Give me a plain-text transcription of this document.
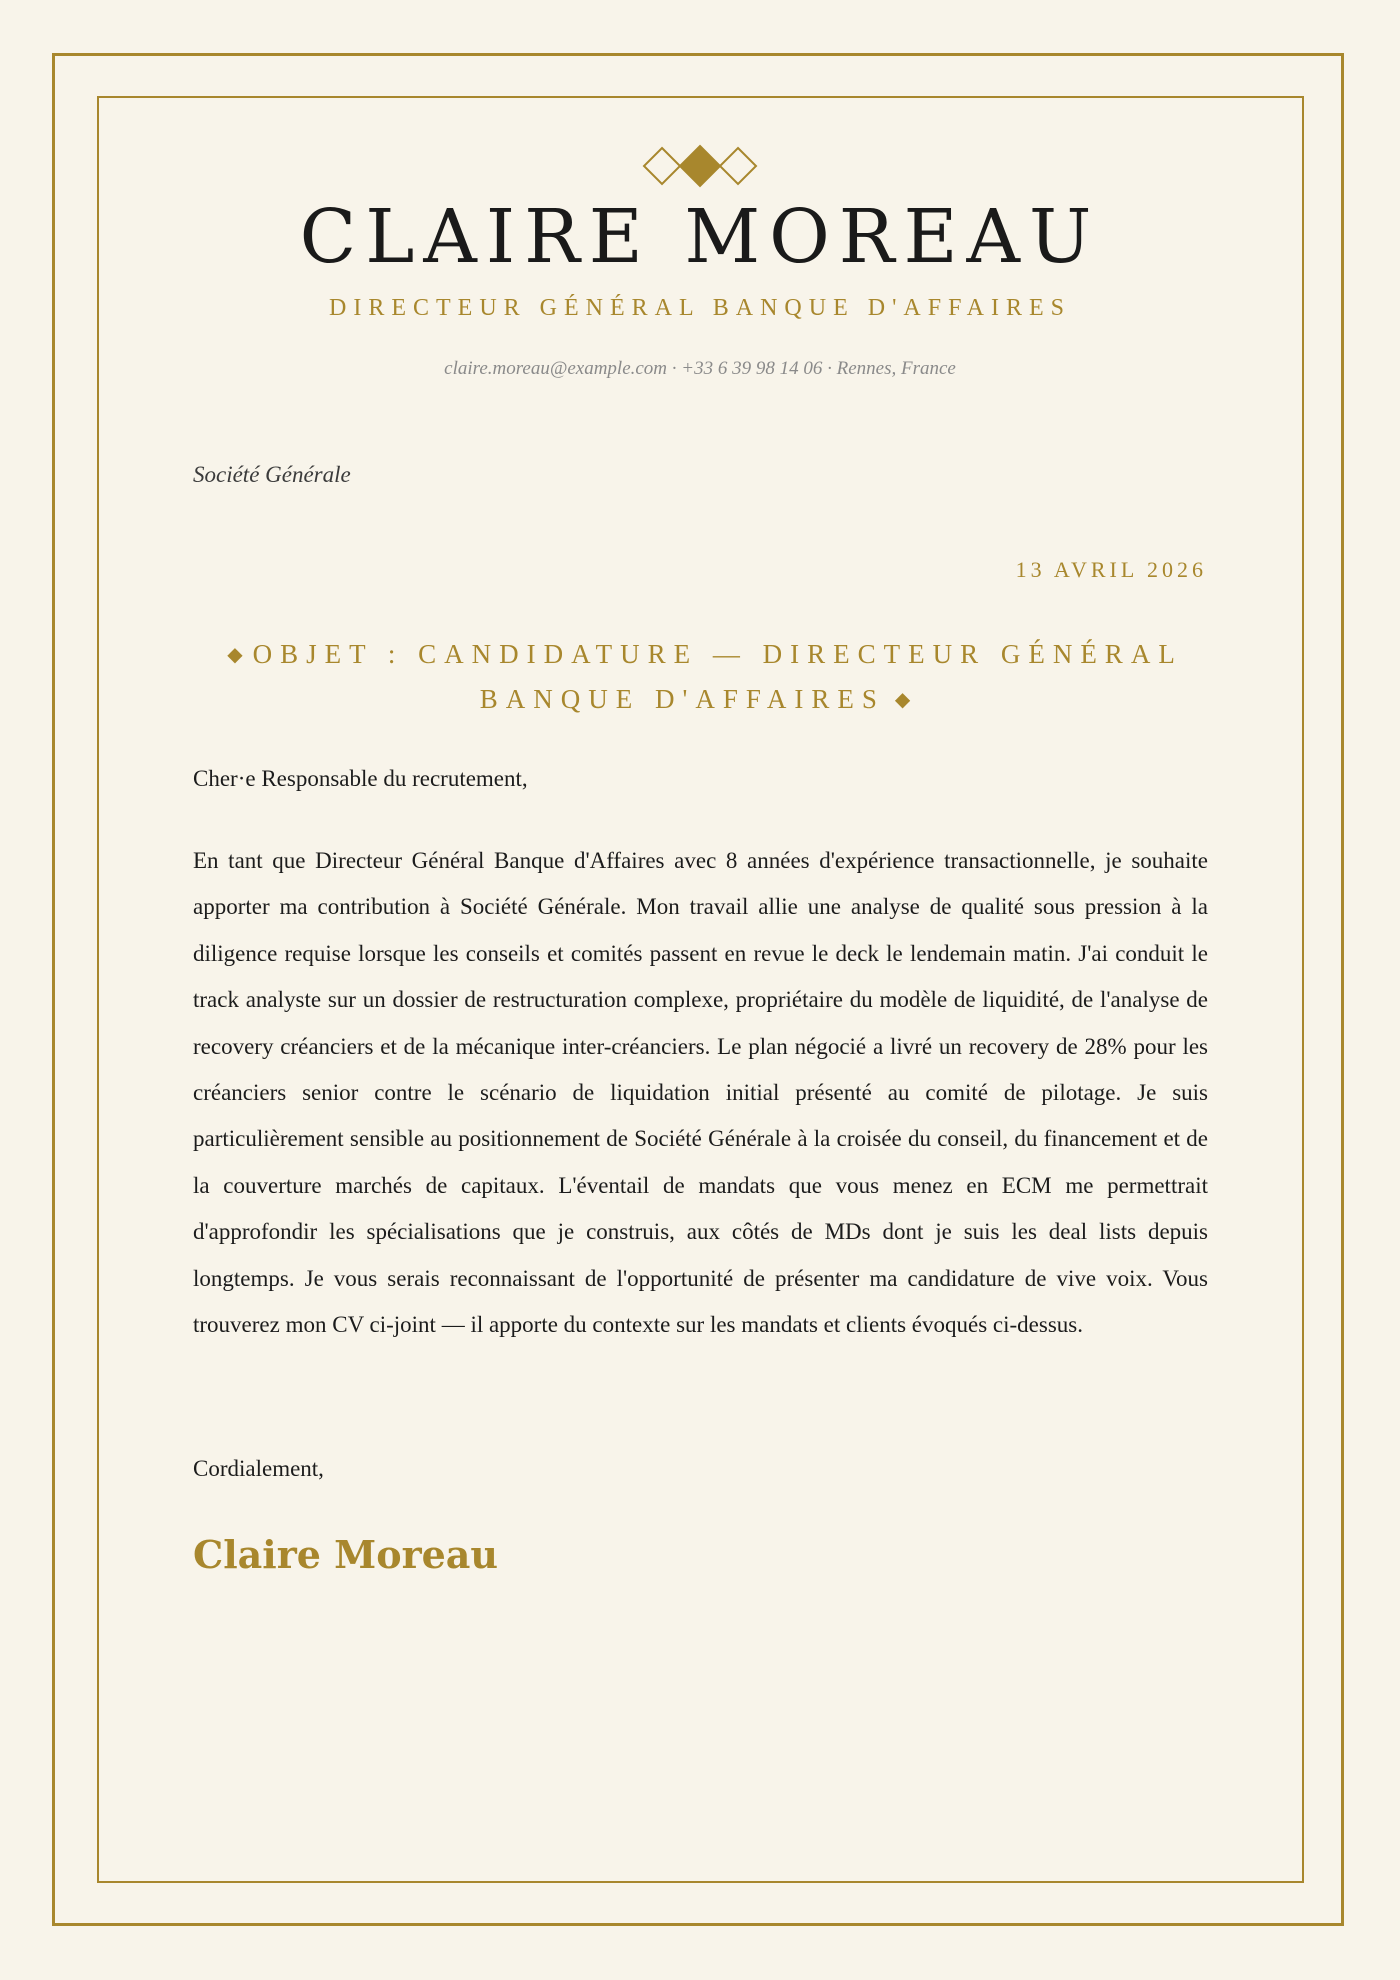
CLAIRE MOREAU
DIRECTEUR GÉNÉRAL BANQUE D'AFFAIRES
claire.moreau@example.com · +33 6 39 98 14 06 · Rennes, France
Société Générale
13 AVRIL 2026
◆ OBJET : CANDIDATURE — DIRECTEUR GÉNÉRAL BANQUE D'AFFAIRES ◆
Cher·e Responsable du recrutement,

En tant que Directeur Général Banque d'Affaires avec 8 années d'expérience transactionnelle, je souhaite apporter ma contribution à Société Générale. Mon travail allie une analyse de qualité sous pression à la diligence requise lorsque les conseils et comités passent en revue le deck le lendemain matin. J'ai conduit le track analyste sur un dossier de restructuration complexe, propriétaire du modèle de liquidité, de l'analyse de recovery créanciers et de la mécanique inter-créanciers. Le plan négocié a livré un recovery de 28% pour les créanciers senior contre le scénario de liquidation initial présenté au comité de pilotage. Je suis particulièrement sensible au positionnement de Société Générale à la croisée du conseil, du financement et de la couverture marchés de capitaux. L'éventail de mandats que vous menez en ECM me permettrait d'approfondir les spécialisations que je construis, aux côtés de MDs dont je suis les deal lists depuis longtemps. Je vous serais reconnaissant de l'opportunité de présenter ma candidature de vive voix. Vous trouverez mon CV ci-joint — il apporte du contexte sur les mandats et clients évoqués ci-dessus.

Cordialement,
Claire Moreau
